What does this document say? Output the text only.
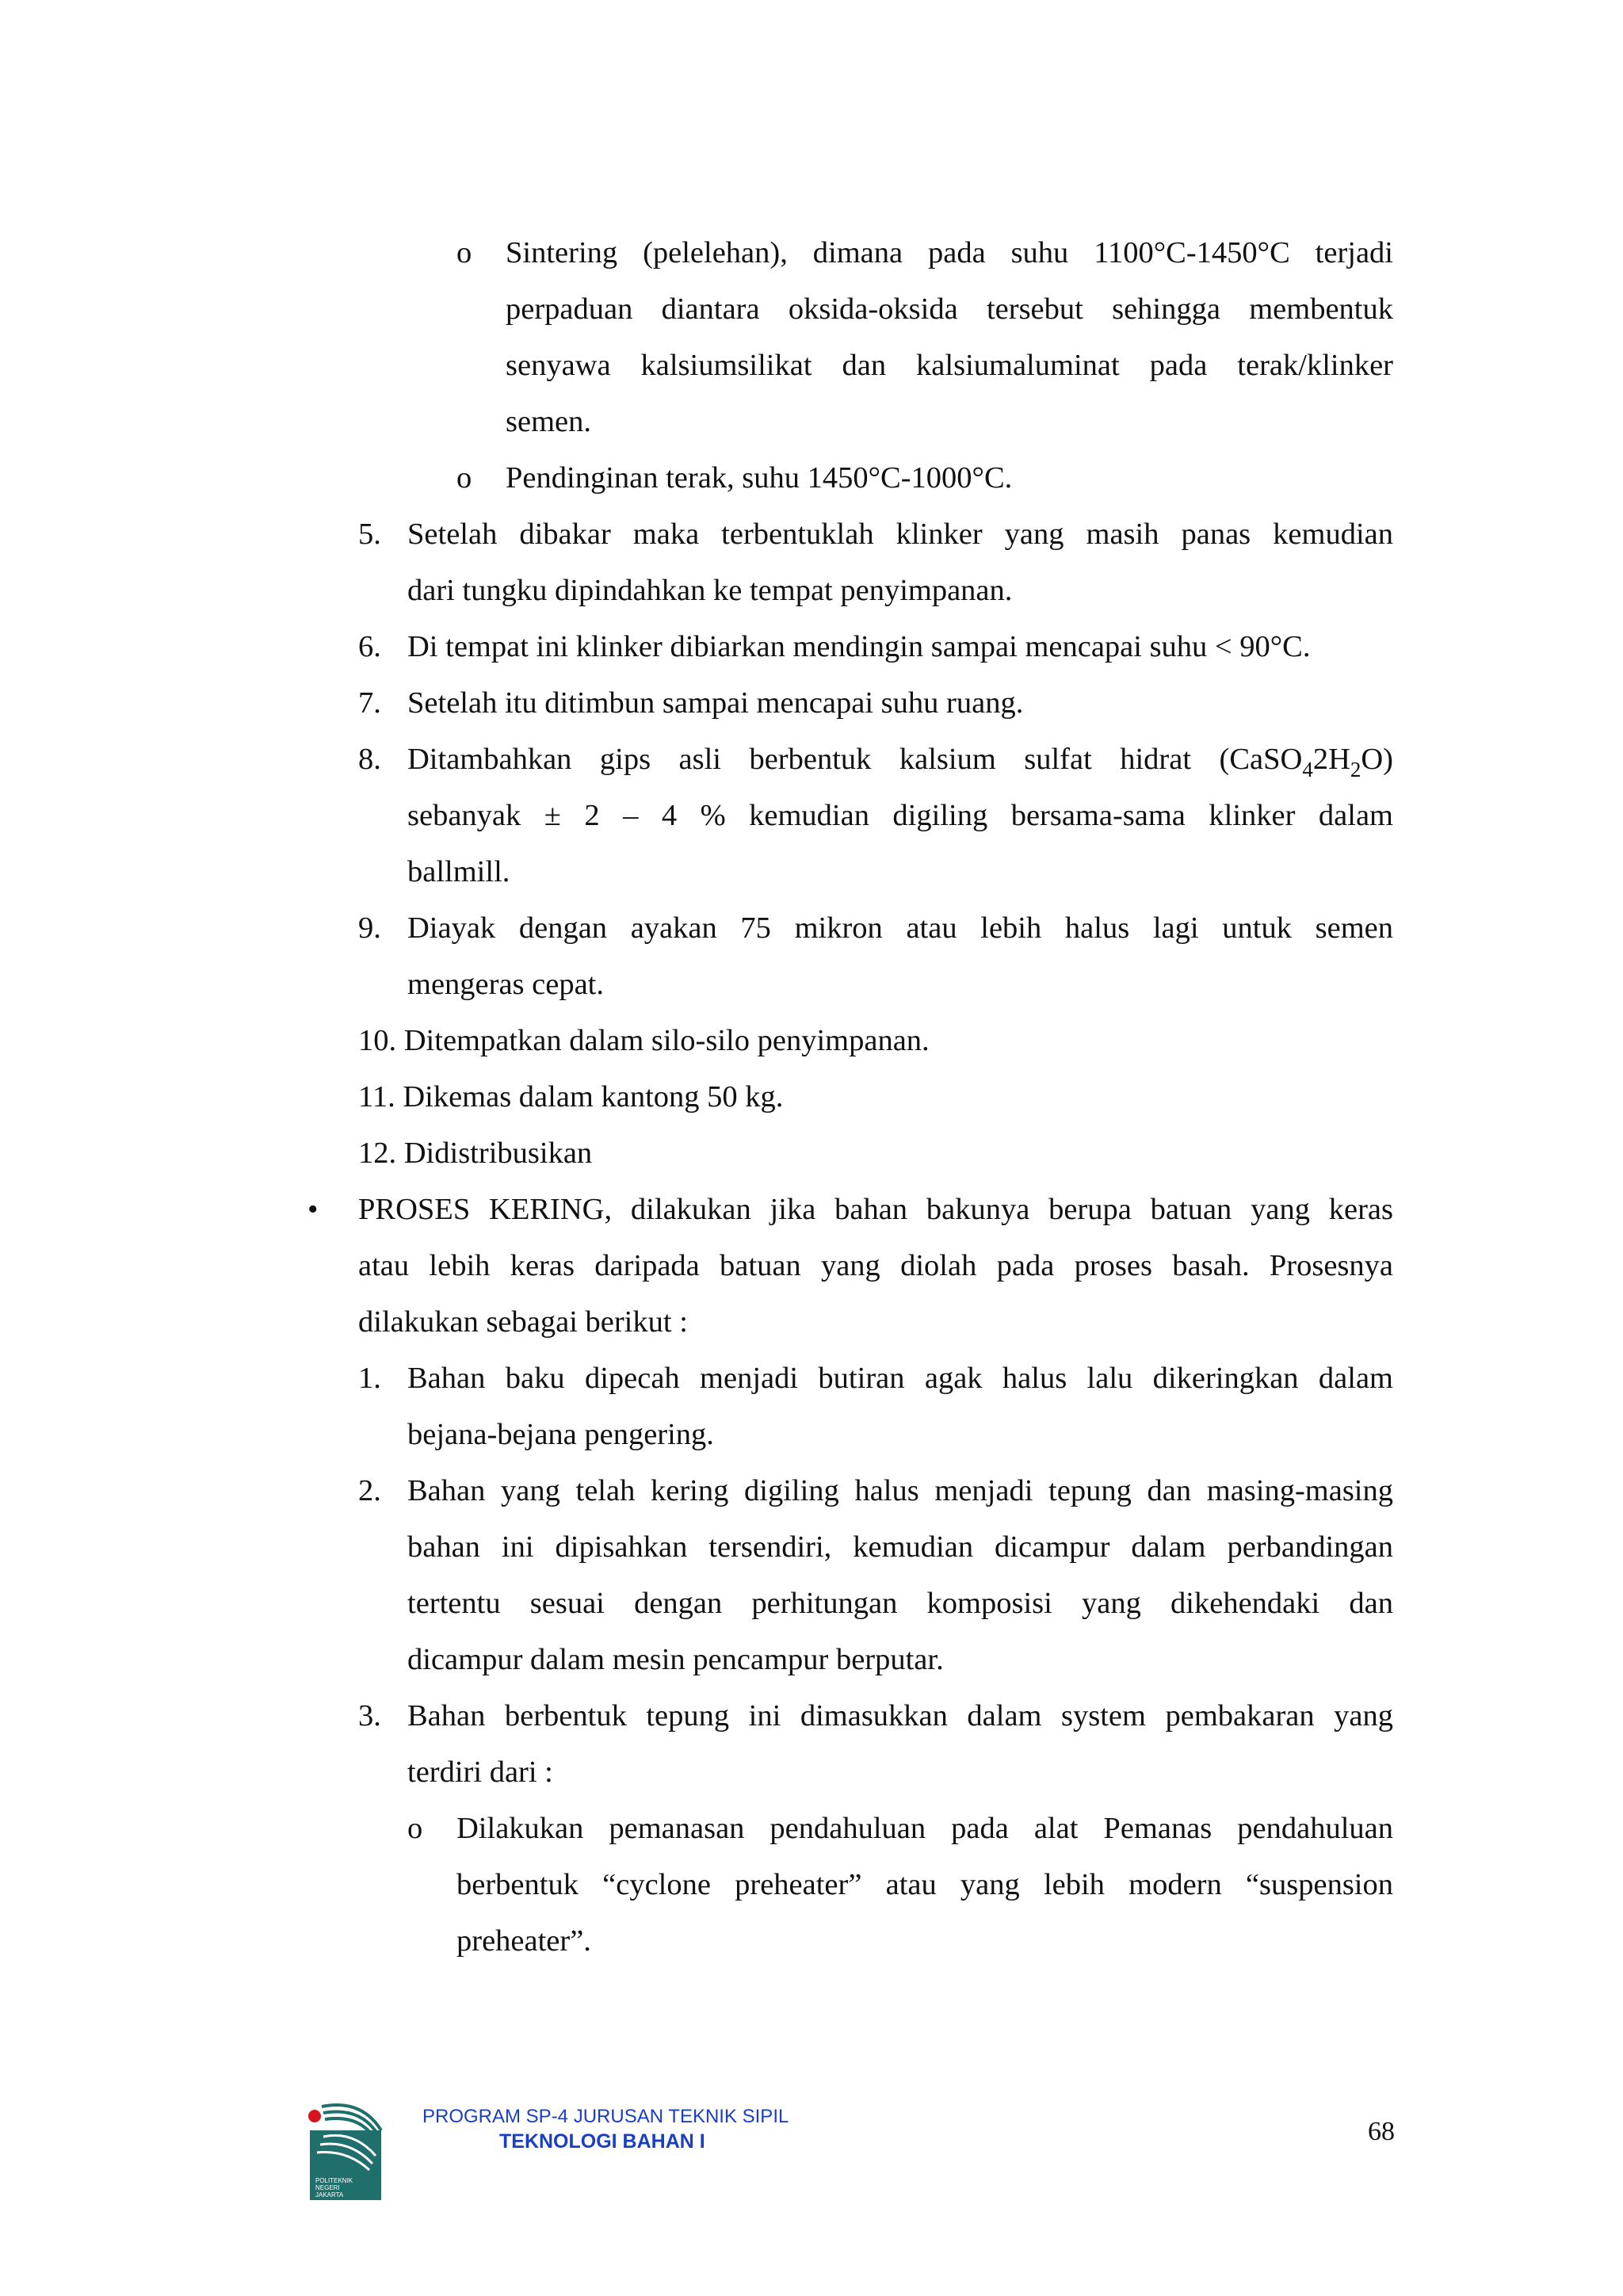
o Sintering (pelelehan), dimana pada suhu 1100°C-1450°C terjadi
perpaduan diantara oksida-oksida tersebut sehingga membentuk
senyawa kalsiumsilikat dan kalsiumaluminat pada terak/klinker
semen.
o Pendinginan terak, suhu 1450°C-1000°C.
5. Setelah dibakar maka terbentuklah klinker yang masih panas kemudian
dari tungku dipindahkan ke tempat penyimpanan.
6. Di tempat ini klinker dibiarkan mendingin sampai mencapai suhu < 90°C.
7. Setelah itu ditimbun sampai mencapai suhu ruang.
8. Ditambahkan gips asli berbentuk kalsium sulfat hidrat $(CaSO_42H_2O)$
sebanyak ± 2 – 4 % kemudian digiling bersama-sama klinker dalam
ballmill.
9. Diayak dengan ayakan 75 mikron atau lebih halus lagi untuk semen
mengeras cepat.
10. Ditempatkan dalam silo-silo penyimpanan.
11. Dikemas dalam kantong 50 kg.
12. Didistribusikan
• PROSES KERING, dilakukan jika bahan bakunya berupa batuan yang keras
atau lebih keras daripada batuan yang diolah pada proses basah. Prosesnya
dilakukan sebagai berikut :
1. Bahan baku dipecah menjadi butiran agak halus lalu dikeringkan dalam
bejana-bejana pengering.
2. Bahan yang telah kering digiling halus menjadi tepung dan masing-masing
bahan ini dipisahkan tersendiri, kemudian dicampur dalam perbandingan
tertentu sesuai dengan perhitungan komposisi yang dikehendaki dan
dicampur dalam mesin pencampur berputar.
3. Bahan berbentuk tepung ini dimasukkan dalam system pembakaran yang
terdiri dari :
o Dilakukan pemanasan pendahuluan pada alat Pemanas pendahuluan
berbentuk “cyclone preheater” atau yang lebih modern “suspension
preheater”.
POLITEKNIK
NEGERI
JAKARTA
PROGRAM SP-4 JURUSAN TEKNIK SIPIL
TEKNOLOGI BAHAN I	68
